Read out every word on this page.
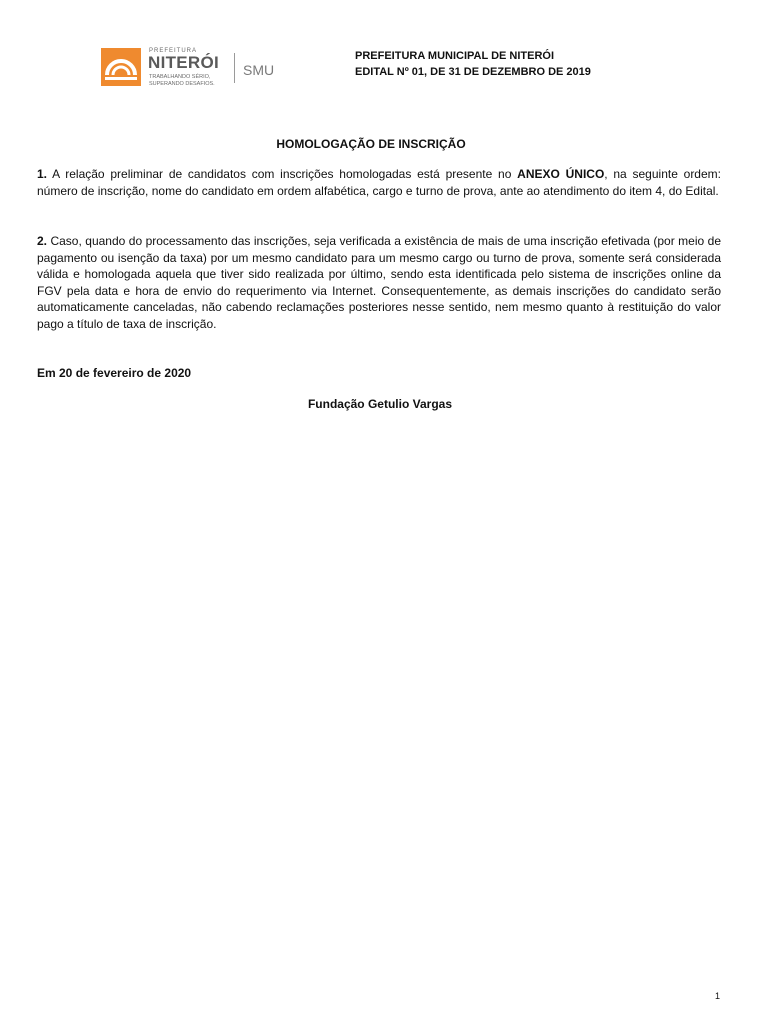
PREFEITURA
NITERÓI
TRABALHANDO SÉRIO,
SUPERANDO DESAFIOS.
SMU
PREFEITURA MUNICIPAL DE NITERÓI
EDITAL Nº 01, DE 31 DE DEZEMBRO DE 2019
HOMOLOGAÇÃO DE INSCRIÇÃO

1. A relação preliminar de candidatos com inscrições homologadas está presente no ANEXO ÚNICO, na seguinte ordem: número de inscrição, nome do candidato em ordem alfabética, cargo e turno de prova, ante ao atendimento do item 4, do Edital.

2. Caso, quando do processamento das inscrições, seja verificada a existência de mais de uma inscrição efetivada (por meio de pagamento ou isenção da taxa) por um mesmo candidato para um mesmo cargo ou turno de prova, somente será considerada válida e homologada aquela que tiver sido realizada por último, sendo esta identificada pelo sistema de inscrições online da FGV pela data e hora de envio do requerimento via Internet. Consequentemente, as demais inscrições do candidato serão automaticamente canceladas, não cabendo reclamações posteriores nesse sentido, nem mesmo quanto à restituição do valor pago a título de taxa de inscrição.

Em 20 de fevereiro de 2020
Fundação Getulio Vargas
1
